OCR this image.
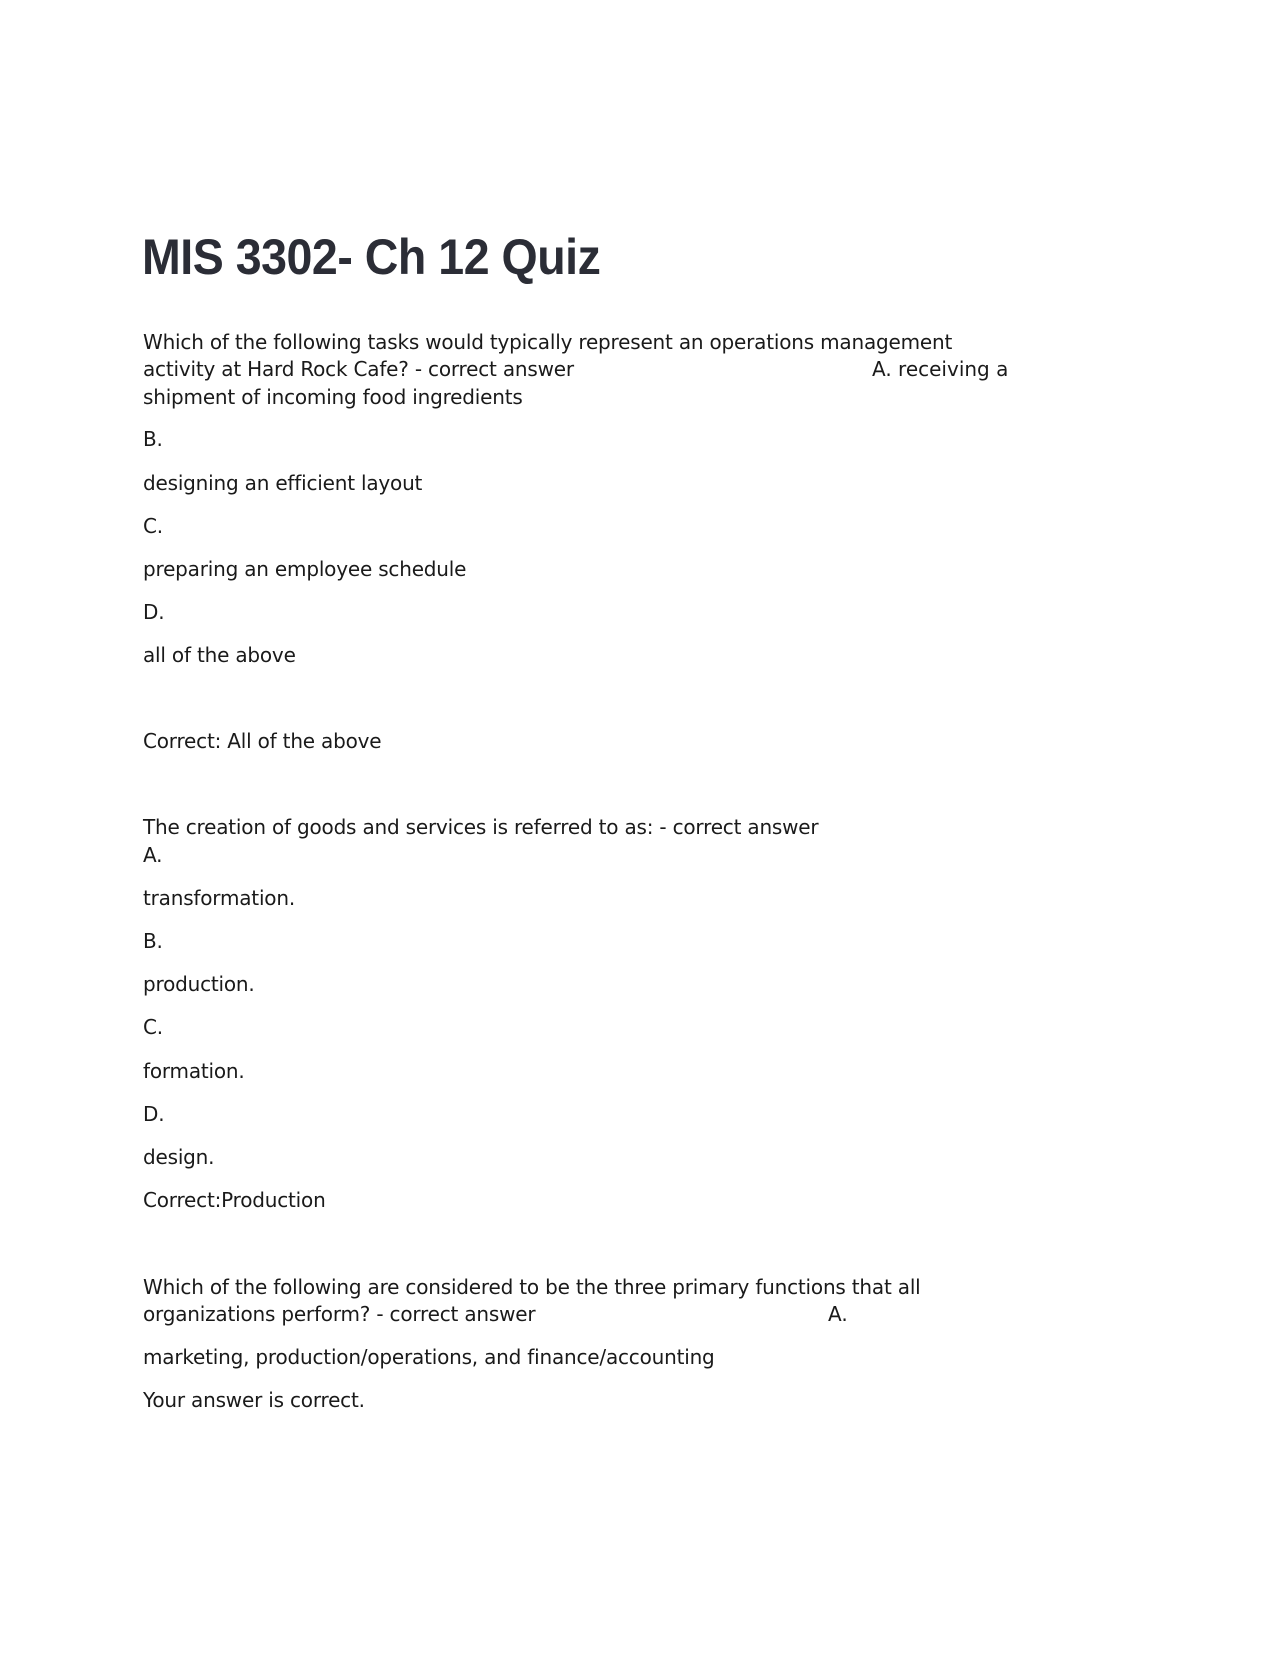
MIS 3302- Ch 12 Quiz
Which of the following tasks would typically represent an operations management
activity at Hard Rock Cafe? - correct answer	A. receiving a
shipment of incoming food ingredients
B.
designing an efficient layout
C.
preparing an employee schedule
D.
all of the above
Correct: All of the above
The creation of goods and services is referred to as: - correct answer
A.
transformation.
B.
production.
C.
formation.
D.
design.
Correct:Production
Which of the following are considered to be the three primary functions that all
organizations perform? - correct answer	A.
marketing, production/operations, and finance/accounting
Your answer is correct.
